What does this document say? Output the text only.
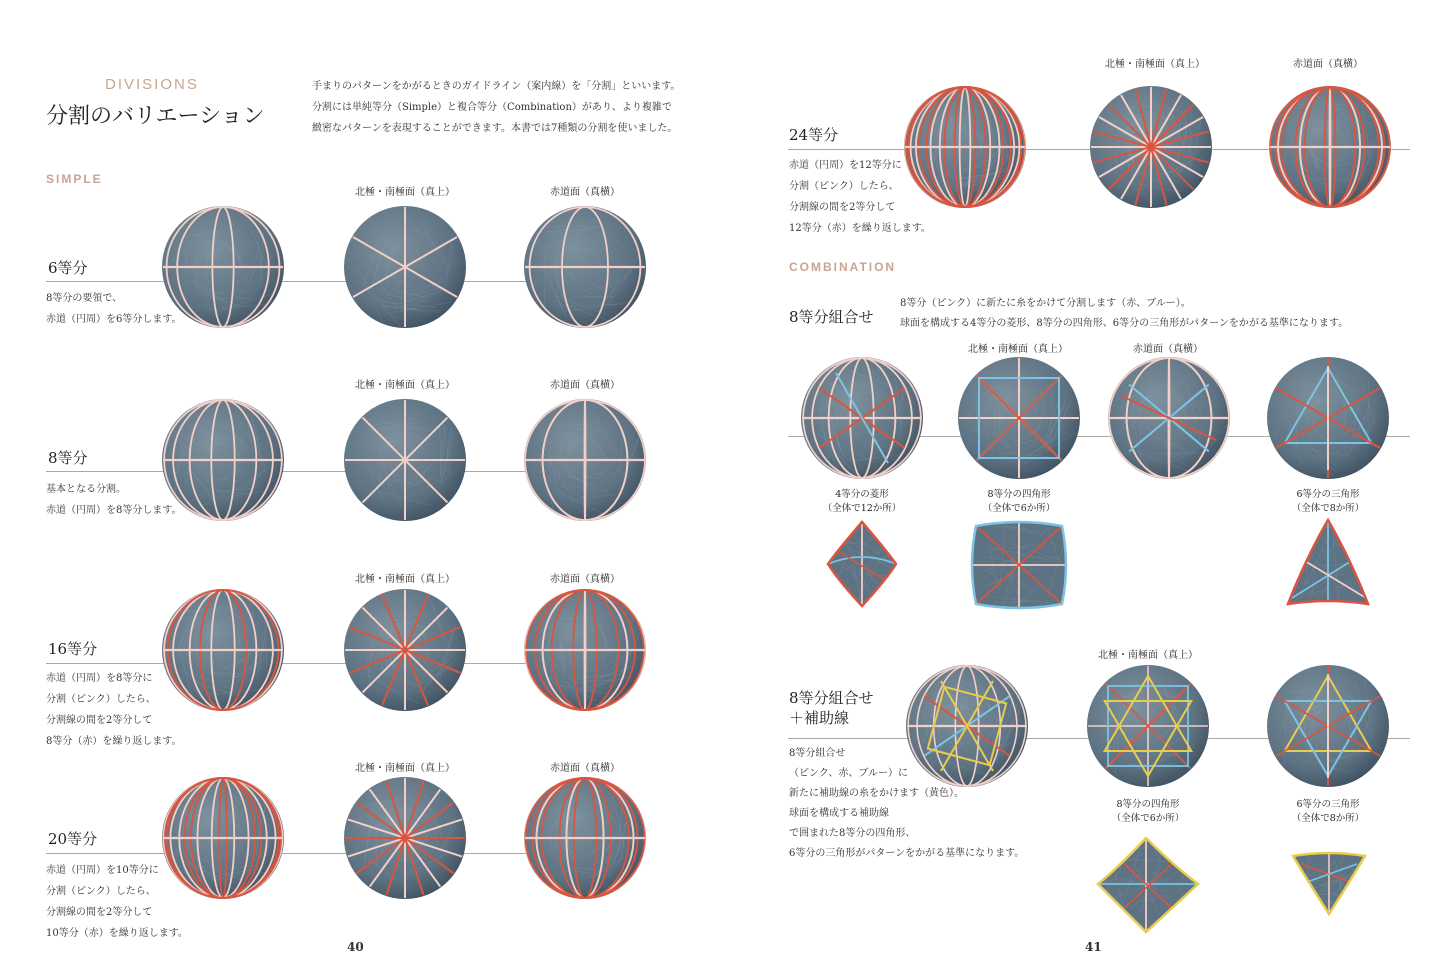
DIVISIONS
分割のバリエーション
手まりのパターンをかがるときのガイドライン（案内線）を「分割」といいます。
分割には単純等分（Simple）と複合等分（Combination）があり、より複雑で
緻密なパターンを表現することができます。本書では7種類の分割を使いました。
SIMPLE
6等分
8等分の要領で、
赤道（円周）を6等分します。
北極・南極面（真上）	赤道面（真横）
8等分
基本となる分割。
赤道（円周）を8等分します。
北極・南極面（真上）	赤道面（真横）
16等分
赤道（円周）を8等分に
分割（ピンク）したら、
分割線の間を2等分して
8等分（赤）を繰り返します。
北極・南極面（真上）	赤道面（真横）
20等分
赤道（円周）を10等分に
分割（ピンク）したら、
分割線の間を2等分して
10等分（赤）を繰り返します。
北極・南極面（真上）	赤道面（真横）
40
北極・南極面（真上）	赤道面（真横）
24等分
赤道（円周）を12等分に
分割（ピンク）したら、
分割線の間を2等分して
12等分（赤）を繰り返します。
COMBINATION
8等分組合せ
8等分（ピンク）に新たに糸をかけて分割します（赤、ブルー）。
球面を構成する4等分の菱形、8等分の四角形、6等分の三角形がパターンをかがる基準になります。
北極・南極面（真上）	赤道面（真横）
4等分の菱形
（全体で12か所）
8等分の四角形
（全体で6か所）
6等分の三角形
（全体で8か所）
北極・南極面（真上）
8等分組合せ
＋補助線
8等分組合せ
（ピンク、赤、ブルー）に
新たに補助線の糸をかけます（黄色）。
球面を構成する補助線
で囲まれた8等分の四角形、
6等分の三角形がパターンをかがる基準になります。
8等分の四角形
（全体で6か所）
6等分の三角形
（全体で8か所）
41
